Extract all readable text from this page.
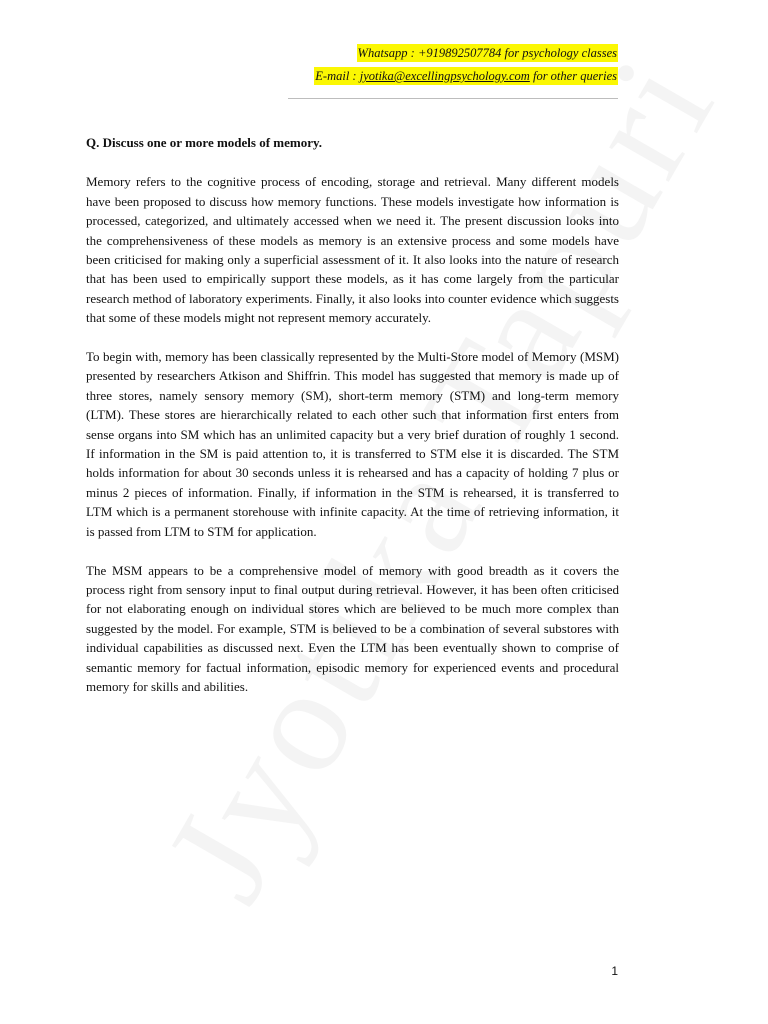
Whatsapp : +919892507784 for psychology classes
E-mail : jyotika@excellingpsychology.com for other queries

Q. Discuss one or more models of memory.

Memory refers to the cognitive process of encoding, storage and retrieval. Many different models have been proposed to discuss how memory functions. These models investigate how information is processed, categorized, and ultimately accessed when we need it. The present discussion looks into the comprehensiveness of these models as memory is an extensive process and some models have been criticised for making only a superficial assessment of it. It also looks into the nature of research that has been used to empirically support these models, as it has come largely from the particular research method of laboratory experiments. Finally, it also looks into counter evidence which suggests that some of these models might not represent memory accurately.

To begin with, memory has been classically represented by the Multi-Store model of Memory (MSM) presented by researchers Atkison and Shiffrin. This model has suggested that memory is made up of three stores, namely sensory memory (SM), short-term memory (STM) and long-term memory (LTM). These stores are hierarchically related to each other such that information first enters from sense organs into SM which has an unlimited capacity but a very brief duration of roughly 1 second. If information in the SM is paid attention to, it is transferred to STM else it is discarded. The STM holds information for about 30 seconds unless it is rehearsed and has a capacity of holding 7 plus or minus 2 pieces of information. Finally, if information in the STM is rehearsed, it is transferred to LTM which is a permanent storehouse with infinite capacity. At the time of retrieving information, it is passed from LTM to STM for application.

The MSM appears to be a comprehensive model of memory with good breadth as it covers the process right from sensory input to final output during retrieval. However, it has been often criticised for not elaborating enough on individual stores which are believed to be much more complex than suggested by the model. For example, STM is believed to be a combination of several substores with individual capabilities as discussed next. Even the LTM has been eventually shown to comprise of semantic memory for factual information, episodic memory for experienced events and procedural memory for skills and abilities.

1
